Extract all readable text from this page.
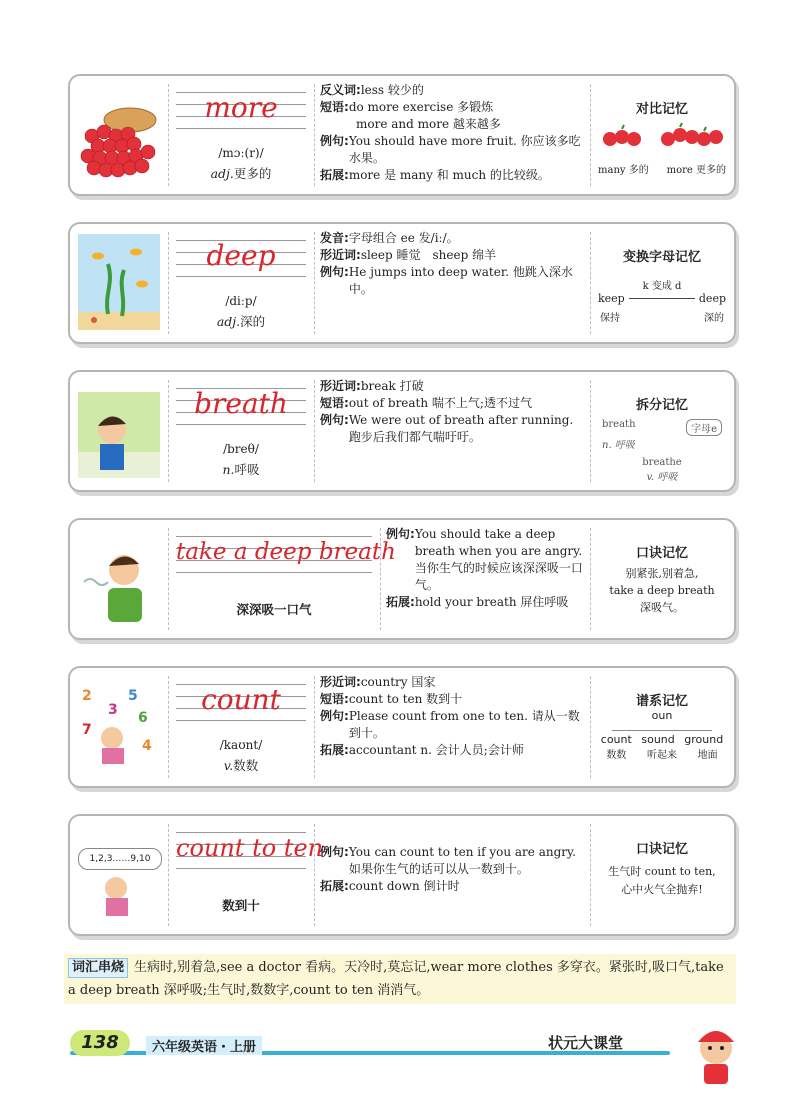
more
/mɔː(r)/
adj.更多的
反义词: less 较少的
短语: do more exercise 多锻炼
more and more 越来越多
例句: You should have more fruit. 你应该多吃水果。
拓展: more 是 many 和 much 的比较级。
对比记忆
many 多的 more 更多的
deep
/diːp/
adj.深的
发音: 字母组合 ee 发/iː/。
形近词: sleep 睡觉　sheep 绵羊
例句: He jumps into deep water. 他跳入深水中。
变换字母记忆
k 变成 d
keep	deep
保持	深的
breath
/breθ/
n.呼吸
形近词: break 打破
短语: out of breath 喘不上气;透不过气
例句: We were out of breath after running. 跑步后我们都气喘吁吁。
拆分记忆
breath	字母e
n. 呼吸
breathe
v. 呼吸
take a deep breath
深深吸一口气
例句: You should take a deep breath when you are angry. 当你生气的时候应该深深吸一口气。
拓展: hold your breath 屏住呼吸
口诀记忆
别紧张,别着急,
take a deep breath
深吸气。
2	5
3 6
7
4
count
/kaʊnt/
v.数数
形近词: country 国家
短语: count to ten 数到十
例句: Please count from one to ten. 请从一数到十。
拓展: accountant n. 会计人员;会计师
谱系记忆
oun
count sound ground
数数 听起来 地面
1,2,3……9,10	count to ten
数到十
例句: You can count to ten if you are angry. 如果你生气的话可以从一数到十。
拓展: count down 倒计时
口诀记忆
生气时 count to ten,
心中火气全抛弃!
词汇串烧 生病时,别着急,see a doctor 看病。天冷时,莫忘记,wear more clothes 多穿衣。紧张时,吸口气,take a deep breath 深呼吸;生气时,数数字,count to ten 消消气。
138	六年级英语・上册	状元大课堂
